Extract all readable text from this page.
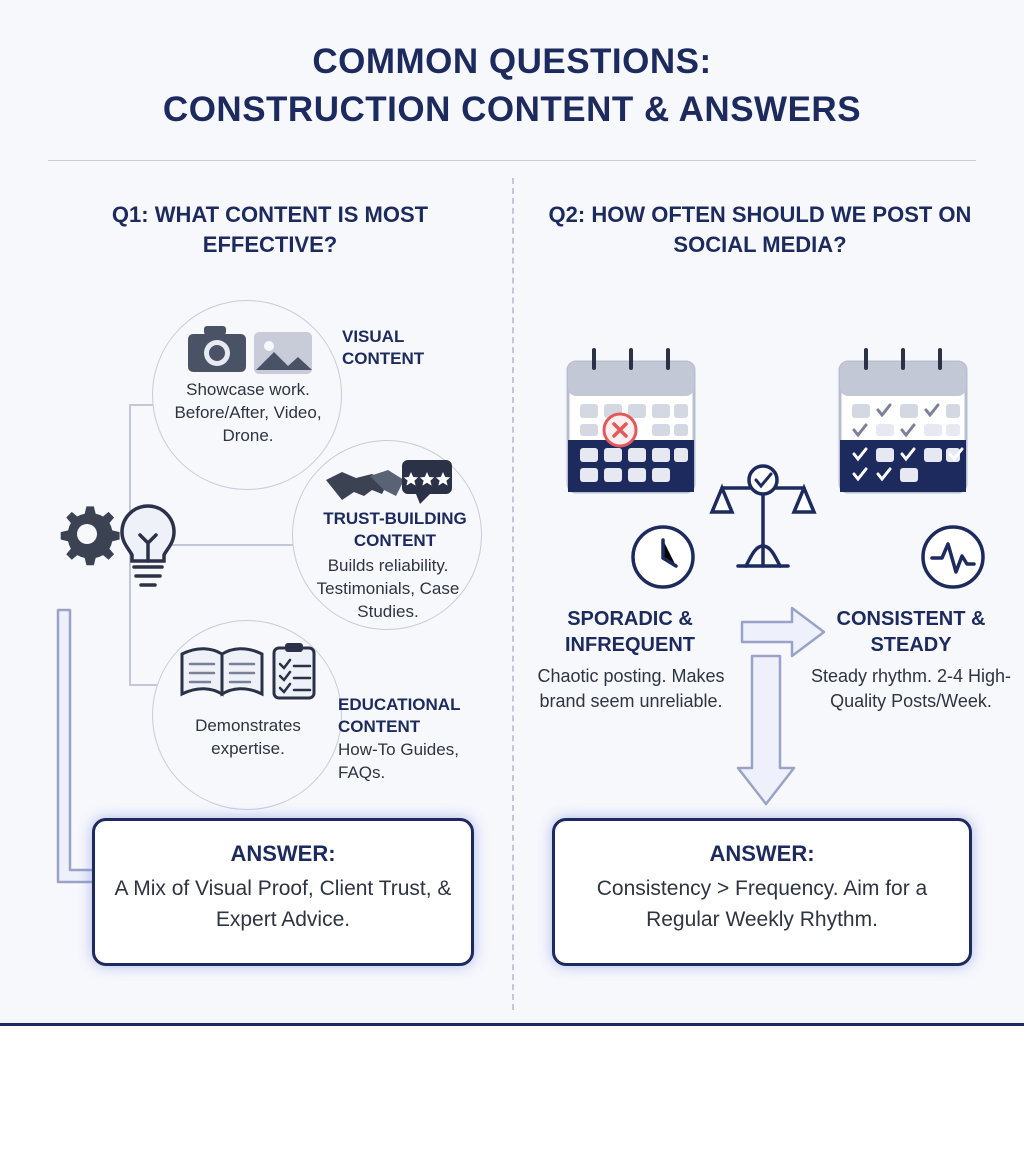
COMMON QUESTIONS:
CONSTRUCTION CONTENT & ANSWERS
Q1: WHAT CONTENT IS MOST EFFECTIVE?
Q2: HOW OFTEN SHOULD WE POST ON SOCIAL MEDIA?
VISUAL CONTENT
Showcase work. Before/After, Video, Drone.
TRUST-BUILDING CONTENT
Builds reliability. Testimonials, Case Studies.
EDUCATIONAL CONTENT
Demonstrates expertise.	How-To Guides, FAQs.
ANSWER:
A Mix of Visual Proof, Client Trust, & Expert Advice.
SPORADIC & INFREQUENT
Chaotic posting. Makes brand seem unreliable.
CONSISTENT & STEADY
Steady rhythm. 2-4 High-Quality Posts/Week.
ANSWER:
Consistency > Frequency. Aim for a Regular Weekly Rhythm.
